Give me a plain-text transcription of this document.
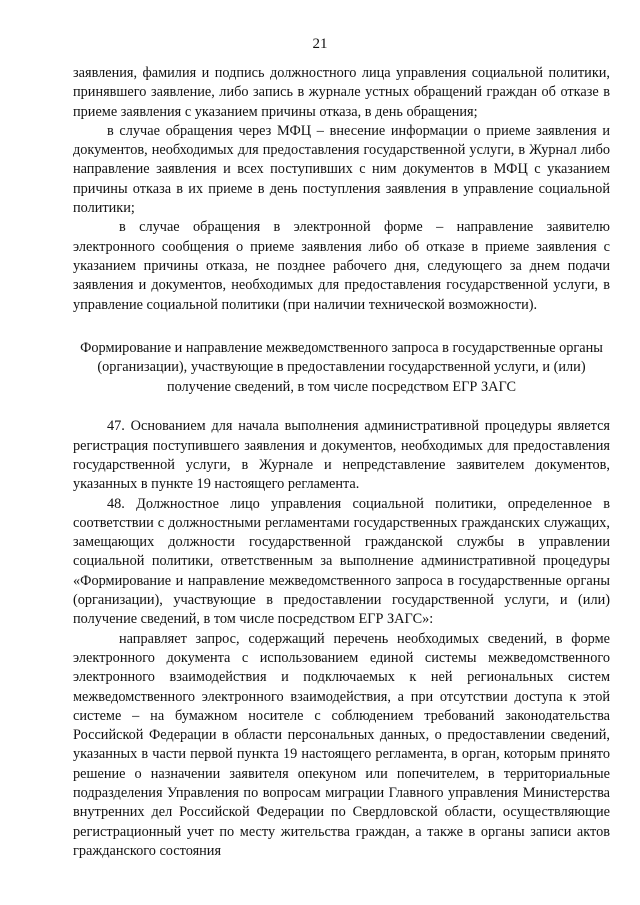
21

заявления, фамилия и подпись должностного лица управления социальной политики, принявшего заявление, либо запись в журнале устных обращений граждан об отказе в приеме заявления с указанием причины отказа, в день обращения;

в случае обращения через МФЦ – внесение информации о приеме заявления и документов, необходимых для предоставления государственной услуги, в Журнал либо направление заявления и всех поступивших с ним документов в МФЦ с указанием причины отказа в их приеме в день поступления заявления в управление социальной политики;

в случае обращения в электронной форме – направление заявителю электронного сообщения о приеме заявления либо об отказе в приеме заявления с указанием причины отказа, не позднее рабочего дня, следующего за днем подачи заявления и документов, необходимых для предоставления государственной услуги, в управление социальной политики (при наличии технической возможности).

Формирование и направление межведомственного запроса в государственные органы (организации), участвующие в предоставлении государственной услуги, и (или) получение сведений, в том числе посредством ЕГР ЗАГС

47. Основанием для начала выполнения административной процедуры является регистрация поступившего заявления и документов, необходимых для предоставления государственной услуги, в Журнале и непредставление заявителем документов, указанных в пункте 19 настоящего регламента.

48. Должностное лицо управления социальной политики, определенное в соответствии с должностными регламентами государственных гражданских служащих, замещающих должности государственной гражданской службы в управлении социальной политики, ответственным за выполнение административной процедуры «Формирование и направление межведомственного запроса в государственные органы (организации), участвующие в предоставлении государственной услуги, и (или) получение сведений, в том числе посредством ЕГР ЗАГС»:

направляет запрос, содержащий перечень необходимых сведений, в форме электронного документа с использованием единой системы межведомственного электронного взаимодействия и подключаемых к ней региональных систем межведомственного электронного взаимодействия, а при отсутствии доступа к этой системе – на бумажном носителе с соблюдением требований законодательства Российской Федерации в области персональных данных, о предоставлении сведений, указанных в части первой пункта 19 настоящего регламента, в орган, которым принято решение о назначении заявителя опекуном или попечителем, в территориальные подразделения Управления по вопросам миграции Главного управления Министерства внутренних дел Российской Федерации по Свердловской области, осуществляющие регистрационный учет по месту жительства граждан, а также в органы записи актов гражданского состояния
